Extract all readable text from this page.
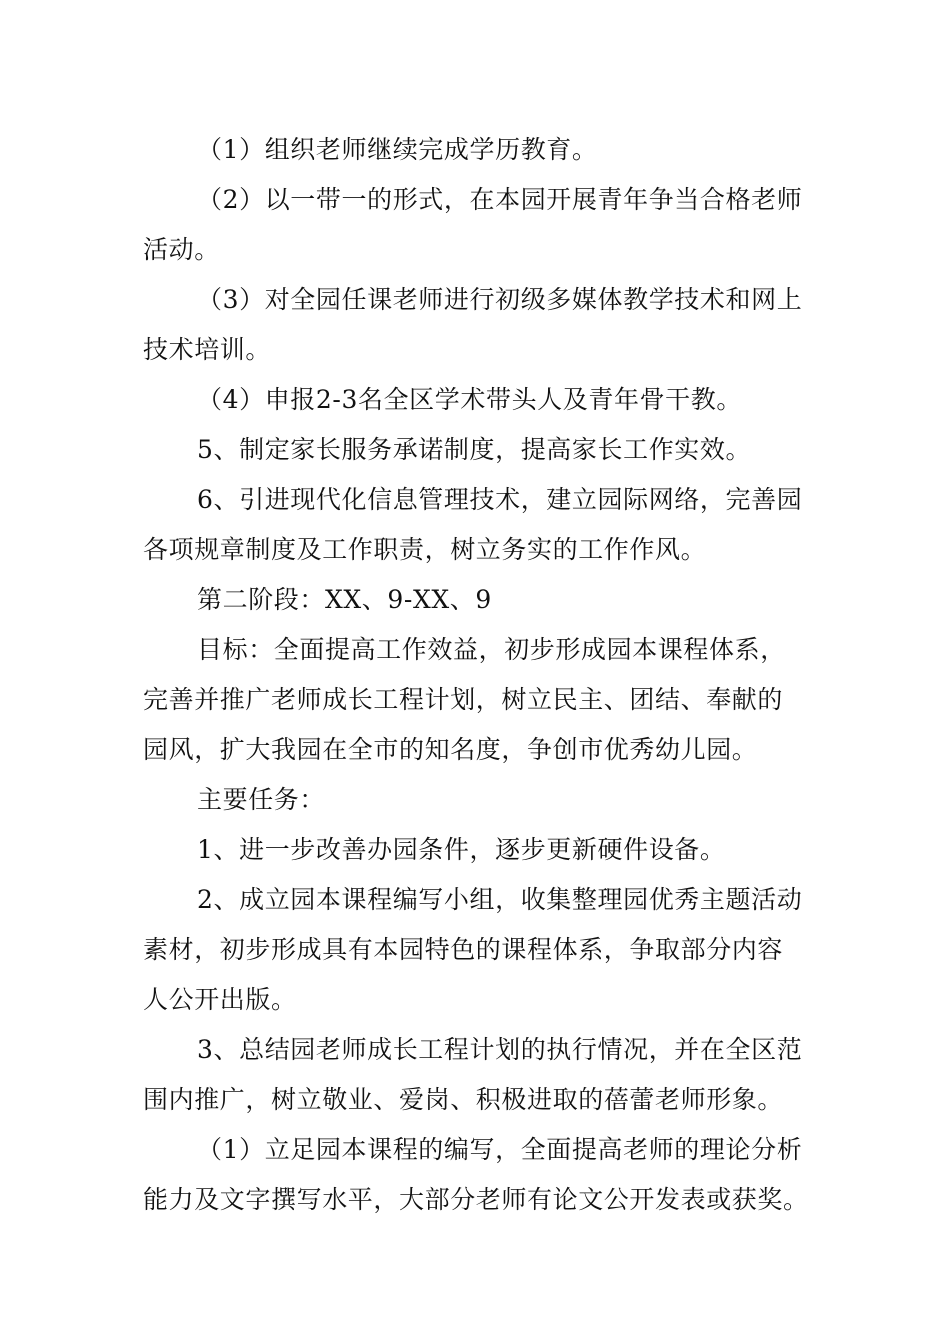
（1）组织老师继续完成学历教育。
（2）以一带一的形式，在本园开展青年争当合格老师
活动。
（3）对全园任课老师进行初级多媒体教学技术和网上
技术培训。
（4）申报2-3名全区学术带头人及青年骨干教。
5、制定家长服务承诺制度，提高家长工作实效。
6、引进现代化信息管理技术，建立园际网络，完善园
各项规章制度及工作职责，树立务实的工作作风。
第二阶段：XX、9-XX、9
目标：全面提高工作效益，初步形成园本课程体系，
完善并推广老师成长工程计划，树立民主、团结、奉献的
园风，扩大我园在全市的知名度，争创市优秀幼儿园。
主要任务：
1、进一步改善办园条件，逐步更新硬件设备。
2、成立园本课程编写小组，收集整理园优秀主题活动
素材，初步形成具有本园特色的课程体系，争取部分内容
人公开出版。
3、总结园老师成长工程计划的执行情况，并在全区范
围内推广，树立敬业、爱岗、积极进取的蓓蕾老师形象。
（1）立足园本课程的编写，全面提高老师的理论分析
能力及文字撰写水平，大部分老师有论文公开发表或获奖。
